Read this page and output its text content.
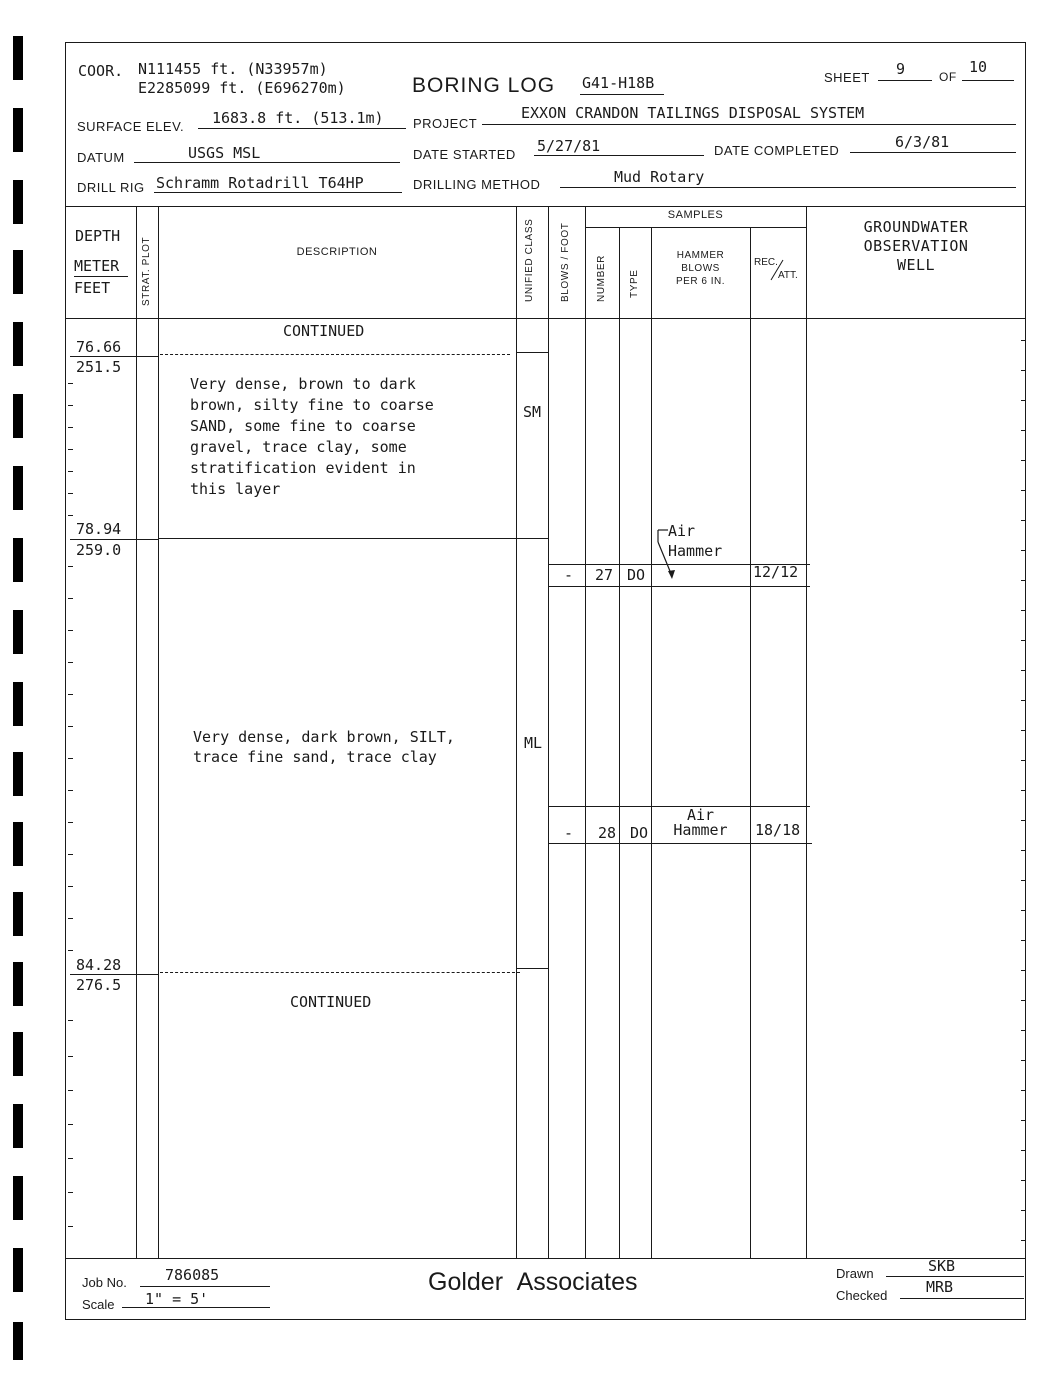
COOR. N111455 ft. (N33957m)
E2285099 ft. (E696270m)	BORING LOG G41-H18B	SHEET 9	OF
10
SURFACE ELEV. 1683.8 ft. (513.1m) PROJECT
EXXON CRANDON TAILINGS DISPOSAL SYSTEM
DATUM	USGS MSL	DATE STARTED 5/27/81	DATE COMPLETED	6/3/81
DRILL RIG Schramm Rotadrill T64HP	DRILLING METHOD	Mud Rotary
DEPTH
METER
FEET	STRAT. PLOT	DESCRIPTION	UNIFIED CLASS	BLOWS / FOOT
SAMPLES
NUMBER TYPE
HAMMER
BLOWS
PER 6 IN.
REC.
ATT.
GROUNDWATER
OBSERVATION
WELL
CONTINUED
76.66
251.5
Very dense, brown to dark
brown, silty fine to coarse
SAND, some fine to coarse
gravel, trace clay, some
stratification evident in
this layer
SM
78.94
259.0
Air Hammer
- 27 DO	12/12
Very dense, dark brown, SILT,
trace fine sand, trace clay
ML
Air Hammer
- 28 DO	18/18
84.28
276.5
CONTINUED
Job No.	786085
Scale 1" = 5'
Golder Associates	Drawn	SKB
Checked	MRB
